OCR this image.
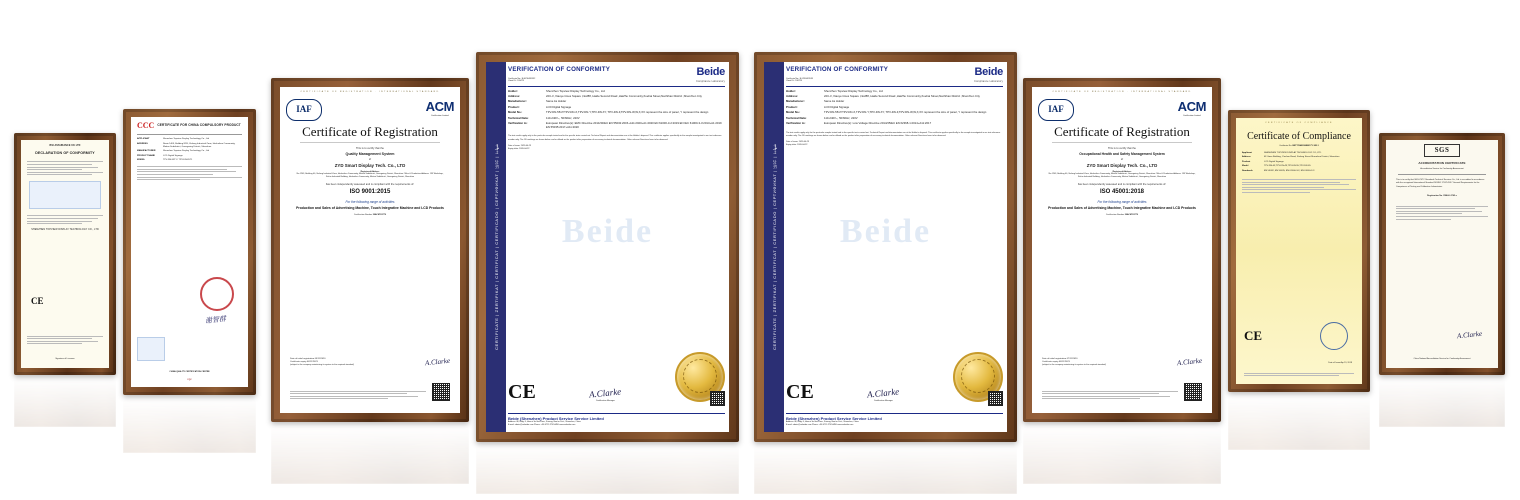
BSI ASSURANCE UK LTD
DECLARATION OF CONFORMITY
SHENZHEN TOPVIEW DISPLAY TECHNOLOGY CO., LTD
CE
Signature of Licensee
CCC CERTIFICATE FOR CHINA COMPULSORY PRODUCT
APPLICANT	Shenzhen Topview Display Technology Co., Ltd
ADDRESS	Naxin 1405, Building 8/20, Xialong Industrial Zone, Heshuikou Community, Matian Subdistrict, Guangming District, Shenzhen
MANUFACTURER	Shenzhen Topview Display Technology Co., Ltd
PRODUCT NAME	LCD Digital Signage
MODEL	TPV-DN-55T1 / TPV-DN-65T1
谢智群
CHINA QUALITY CERTIFICATION CENTRE
CQC
CERTIFICATE OF REGISTRATION · INTERNATIONAL STANDARD
IAF	ACM
Certification Limited
Certificate of Registration
This is to certify that the
Quality Management System
of
ZYD Smart Display Tech. Co., LTD
Registered Address
No.1203, Building 40, Xialong Industrial Zone, Heshuikou Community, Matian Subdistrict, Guangming District, Shenzhen Office & Production Address: 13F Workshop, Xialun Industrial Building, Heshuikou Community, Matian Subdistrict, Guangming District, Shenzhen
has been independently assessed and is compliant with the requirements of:
ISO 9001:2015
For the following range of activities
Production and Sales of Advertising Machine, Touch Integrative Machine and LCD Products
Certification Number 20ACM113770
Date of initial registration 05/11/2020
Certificate expiry 04/11/2023
(subject to the company maintaining its system to the required standard)	A.Clarke
CERTIFICATE | ZERTIFIKAT | CERTIFICAT | CERTIFICADO | СЕРТИФИКАТ | 证书 | شهادة
Beide
VERIFICATION OF CONFORMITY
Certificate No.: B-EZ30481532
Client ID: C03473
Beide
Compliance Laboratory
Holder:	Shenzhen Topview Display Technology Co., Ltd
Address:	22C-3 ,Xiaoye times Square ,No288, Haide Second Road ,HaiZhu Community,Xuehai Street,NanShan District ,Shenzhen City
Manufacturer:	Same As Holder
Product:	LCD Digital Signage
Model No.:	TPV-DN-5517/TPV-DN-X,TPV-DN-Y,TPV-DN-XY, TPV-DN-F,TPV-DN-W,W,X,XX represent the size of panel, Y represent the design
Technical Data:	110-240V~, 50/60Hz, 220V
Verification to:	European Directive(s): EMC Directive 2014/30/EU EN 55032:2015+A11:2020+A1:2020 EN 61000-3-2:2019 EN IEC 61000-3-3:2013+A1:2019 EN 55035:2017+A11:2020
The test results apply only to the particular sample tested and to the specific tests carried out. Technical Report and documentation are at the Holder's disposal. This certificate applies specifically to the sample investigated in our test reference number only. The CE markings as shown below can be affixed on the product after preparation of necessary technical documentation. Other relevant Directives have to be observed.
Date of issue: 2023-04-23
Expiry date: 2026-04-22
CE	A.Clarke
Certification Manager
Beide (Shenzhen) Product Service Service Limited
Address: 6F, Bldg. 6, Hourui 3rd Ind Zone, Xixiang, Bao'an Dist., Shenzhen, China
E-mail: admin@szbeide.com Phone: +86 0755 27454496 www.szbeide.com
CERTIFICATE | ZERTIFIKAT | CERTIFICAT | CERTIFICADO | СЕРТИФИКАТ | 证书 | شهادة
Beide
VERIFICATION OF CONFORMITY
Certificate No.: B-5230481533
Client ID: C08728
Beide
Compliance Laboratory
Holder:	Shenzhen Topview Display Technology Co., Ltd
Address:	22C-3 ,Xiaoye times Square ,No288, Haide Second Road ,HaiZhu Community,Xuehai Street,NanShan District ,Shenzhen City
Manufacturer:	Same As Holder
Product:	LCD Digital Signage
Model No.:	TPV-DN-5517/TPV-DN-X,TPV-DN-Y,TPV-DN-XY, TPV-DN-F,TPV-DN-W,W,X,XX represent the size of panel, Y represent the design
Technical Data:	110-240V~, 50/60Hz, 220V
Verification to:	European Directive(s): Low Voltage Directive 2014/35/EU EN 62368-1:2014+A11:2017
The test results apply only for the particular sample tested and to the specific tests carried out. Technical Report and documentation are at the Holder's disposal. This certificate applies specifically to the sample investigated in our test reference number only. The CE markings as shown below can be affixed on the product after preparation of necessary technical documentation. Other relevant Directives have to be observed.
Date of issue: 2023-04-23
Expiry date: 2026-04-22
CE	A.Clarke
Certification Manager
Beide (Shenzhen) Product Service Service Limited
Address: 6F, Bldg. 6, Hourui 3rd Ind Zone, Xixiang, Bao'an Dist., Shenzhen, China
E-mail: admin@szbeide.com Phone: +86 0755 27454496 www.szbeide.com
CERTIFICATE OF REGISTRATION · INTERNATIONAL STANDARD
IAF	ACM
Certification Limited
Certificate of Registration
This is to certify that the
Occupational Health and Safety Management System
of
ZYD Smart Display Tech. Co., LTD
Registered Address
No.1203, Building 40, Xialong Industrial Zone, Heshuikou Community, Matian Subdistrict, Guangming District, Shenzhen Office & Production Address: 13F Workshop, Xialun Industrial Building, Heshuikou Community, Matian Subdistrict, Guangming District, Shenzhen
has been independently assessed and is compliant with the requirements of:
ISO 45001:2018
For the following range of activities
Production and Sales of Advertising Machine, Touch Integrative Machine and LCD Products
Certification Number 20ACM113770
Date of initial registration 07/11/2020
Certificate expiry 06/11/2023
(subject to the company maintaining its system to the required standard)	A.Clarke
CERTIFICATE OF COMPLIANCE
Certificate of Compliance
Certificate No. BST1T0493000B01YY-10E-1
Applicant	SHENZHEN TOPVIEW DISPLAY TECHNOLOGY CO.,LTD
Address	4F Gozo Building, Yinshan Road, Xialang Street Shenzhen District, Shenzhen
Product	LCD Digital Signage
Model	TPV-DN-43,TPV-DN-49,TPV-DN-55,TPV-DN-65
Standards	EN 55032, EN 55035, EN 61000-3-2, EN 61000-3-3
CE
Date of Issue Apr 19, 2018
SGS
ACCREDITATION CERTIFICATE
Accreditation Service for Conformity Assessment
This is to certify that SGS-CSTC Standards Technical Services Co., Ltd. is accredited in accordance with the recognized International Standard ISO/IEC 17025:2017 General Requirements for the Competence of Testing and Calibration Laboratories.
Registration No. CNAS L2763-s
A.Clarke
China National Accreditation Service for Conformity Assessment
